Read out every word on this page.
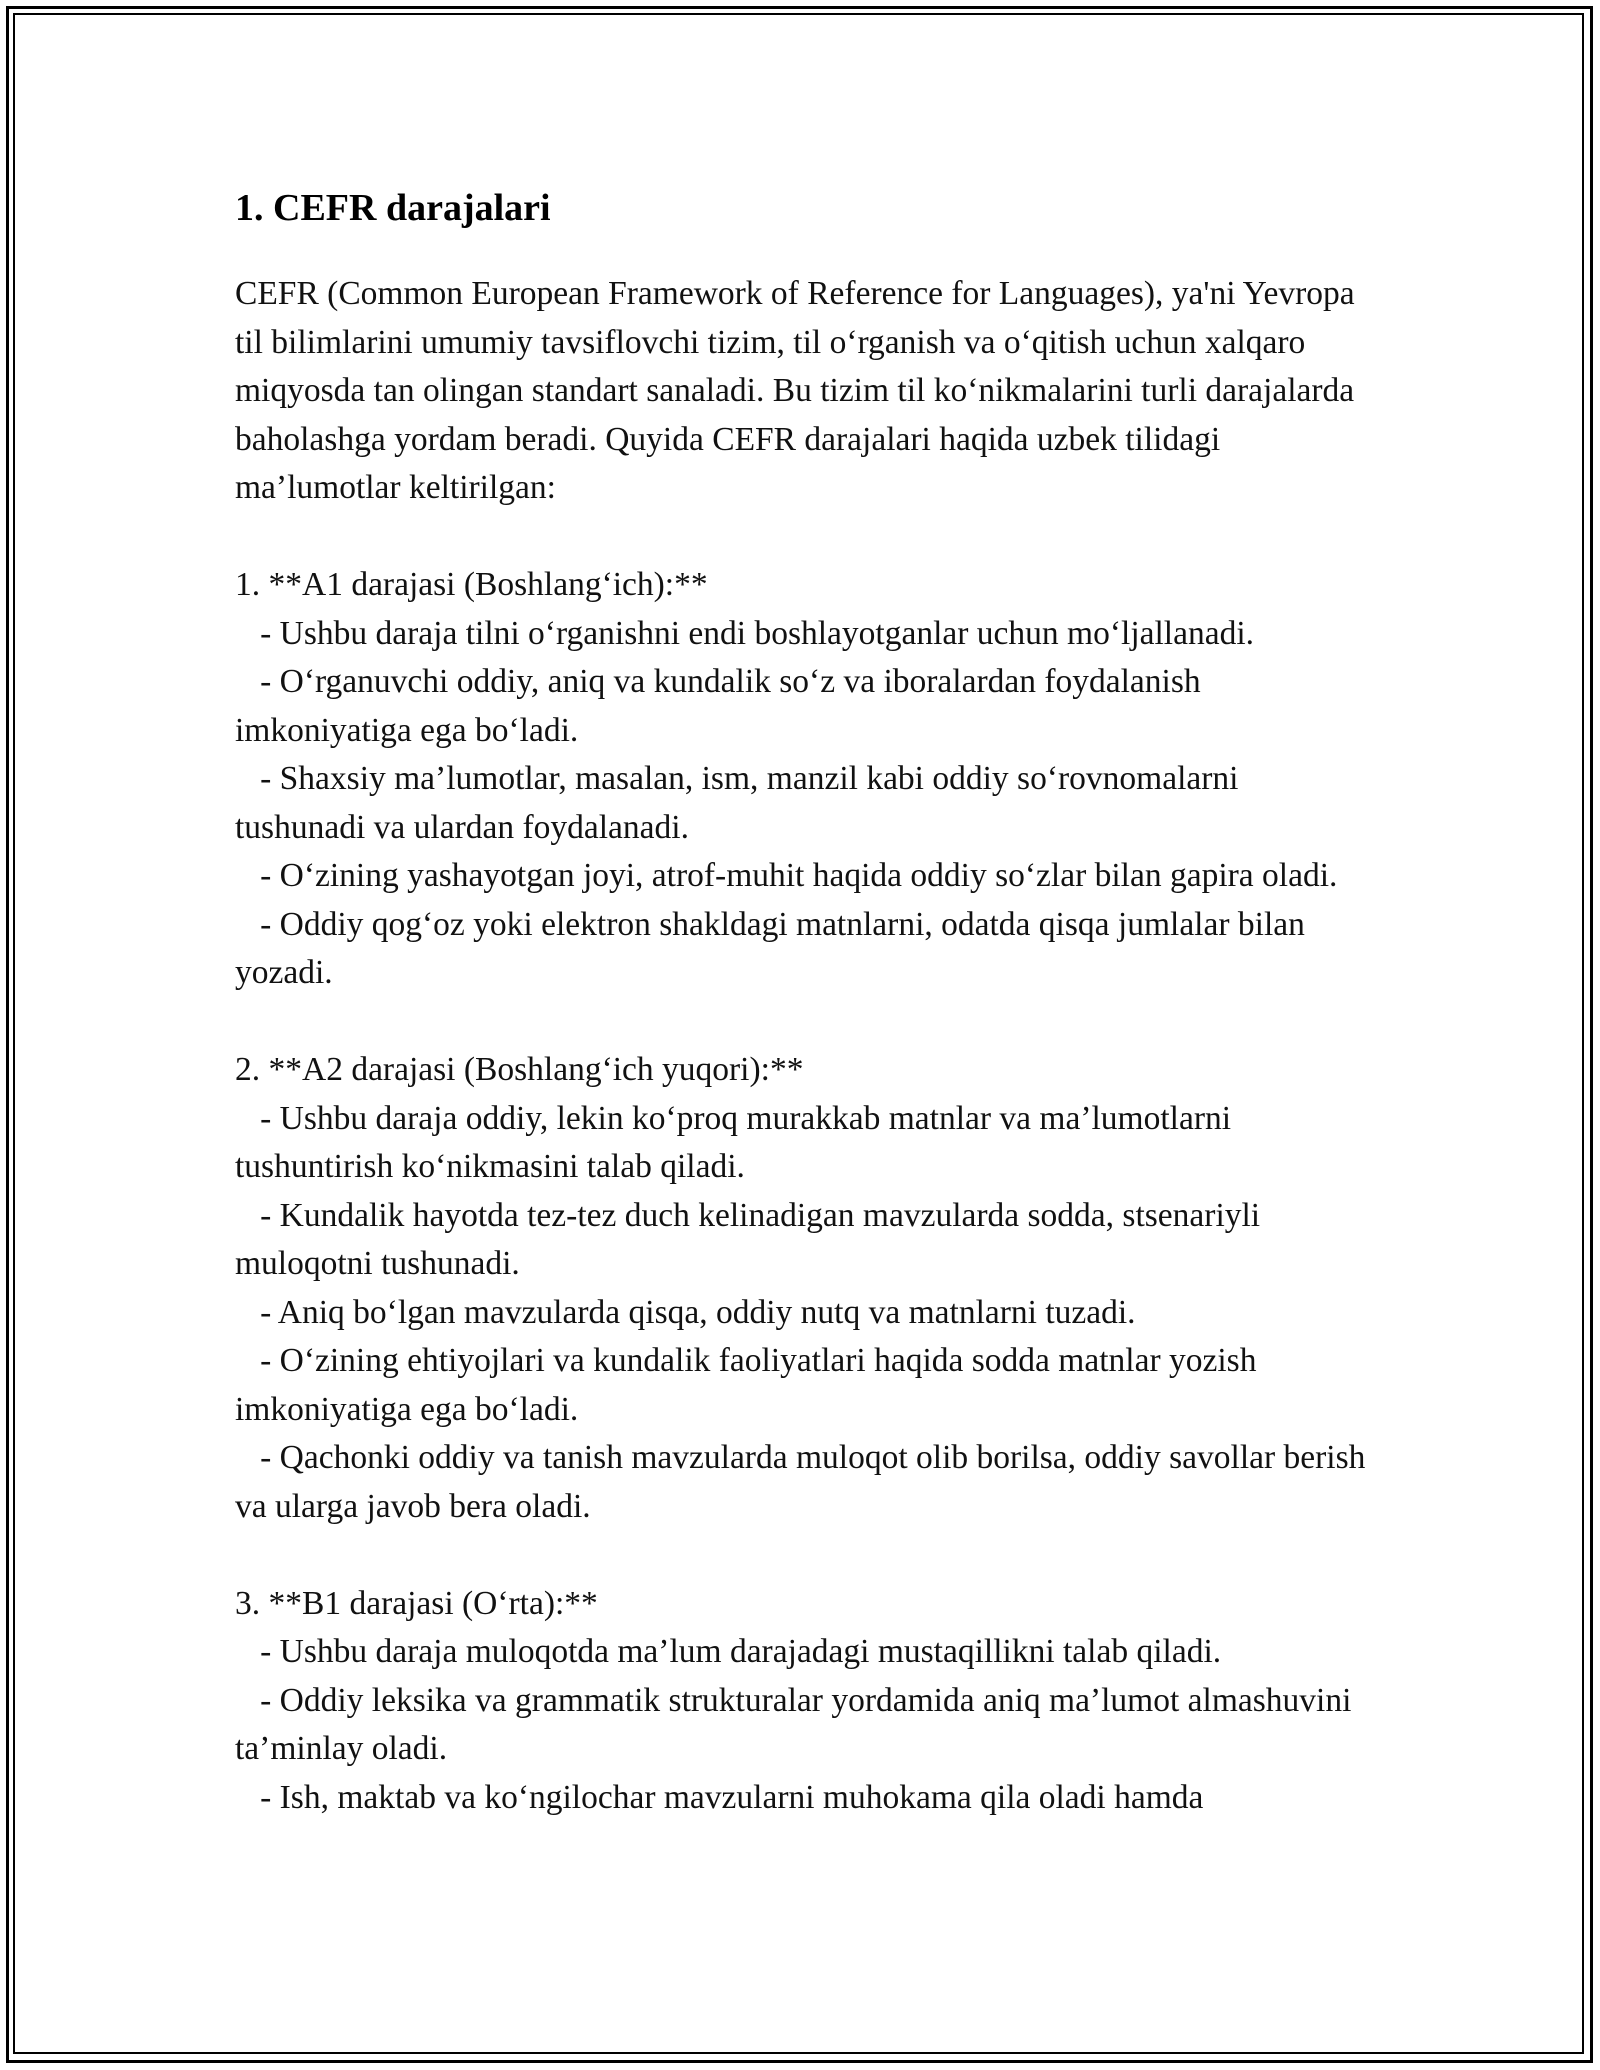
1. CEFR darajalari

CEFR (Common European Framework of Reference for Languages), ya'ni Yevropa til bilimlarini umumiy tavsiflovchi tizim, til o‘rganish va o‘qitish uchun xalqaro miqyosda tan olingan standart sanaladi. Bu tizim til ko‘nikmalarini turli darajalarda baholashga yordam beradi. Quyida CEFR darajalari haqida uzbek tilidagi ma’lumotlar keltirilgan:

1. **A1 darajasi (Boshlang‘ich):**

- Ushbu daraja tilni o‘rganishni endi boshlayotganlar uchun mo‘ljallanadi.

- O‘rganuvchi oddiy, aniq va kundalik so‘z va iboralardan foydalanish imkoniyatiga ega bo‘ladi.

- Shaxsiy ma’lumotlar, masalan, ism, manzil kabi oddiy so‘rovnomalarni tushunadi va ulardan foydalanadi.

- O‘zining yashayotgan joyi, atrof-muhit haqida oddiy so‘zlar bilan gapira oladi.

- Oddiy qog‘oz yoki elektron shakldagi matnlarni, odatda qisqa jumlalar bilan yozadi.

2. **A2 darajasi (Boshlang‘ich yuqori):**

- Ushbu daraja oddiy, lekin ko‘proq murakkab matnlar va ma’lumotlarni tushuntirish ko‘nikmasini talab qiladi.

- Kundalik hayotda tez-tez duch kelinadigan mavzularda sodda, stsenariyli muloqotni tushunadi.

- Aniq bo‘lgan mavzularda qisqa, oddiy nutq va matnlarni tuzadi.

- O‘zining ehtiyojlari va kundalik faoliyatlari haqida sodda matnlar yozish imkoniyatiga ega bo‘ladi.

- Qachonki oddiy va tanish mavzularda muloqot olib borilsa, oddiy savollar berish va ularga javob bera oladi.

3. **B1 darajasi (O‘rta):**

- Ushbu daraja muloqotda ma’lum darajadagi mustaqillikni talab qiladi.

- Oddiy leksika va grammatik strukturalar yordamida aniq ma’lumot almashuvini ta’minlay oladi.

- Ish, maktab va ko‘ngilochar mavzularni muhokama qila oladi hamda
